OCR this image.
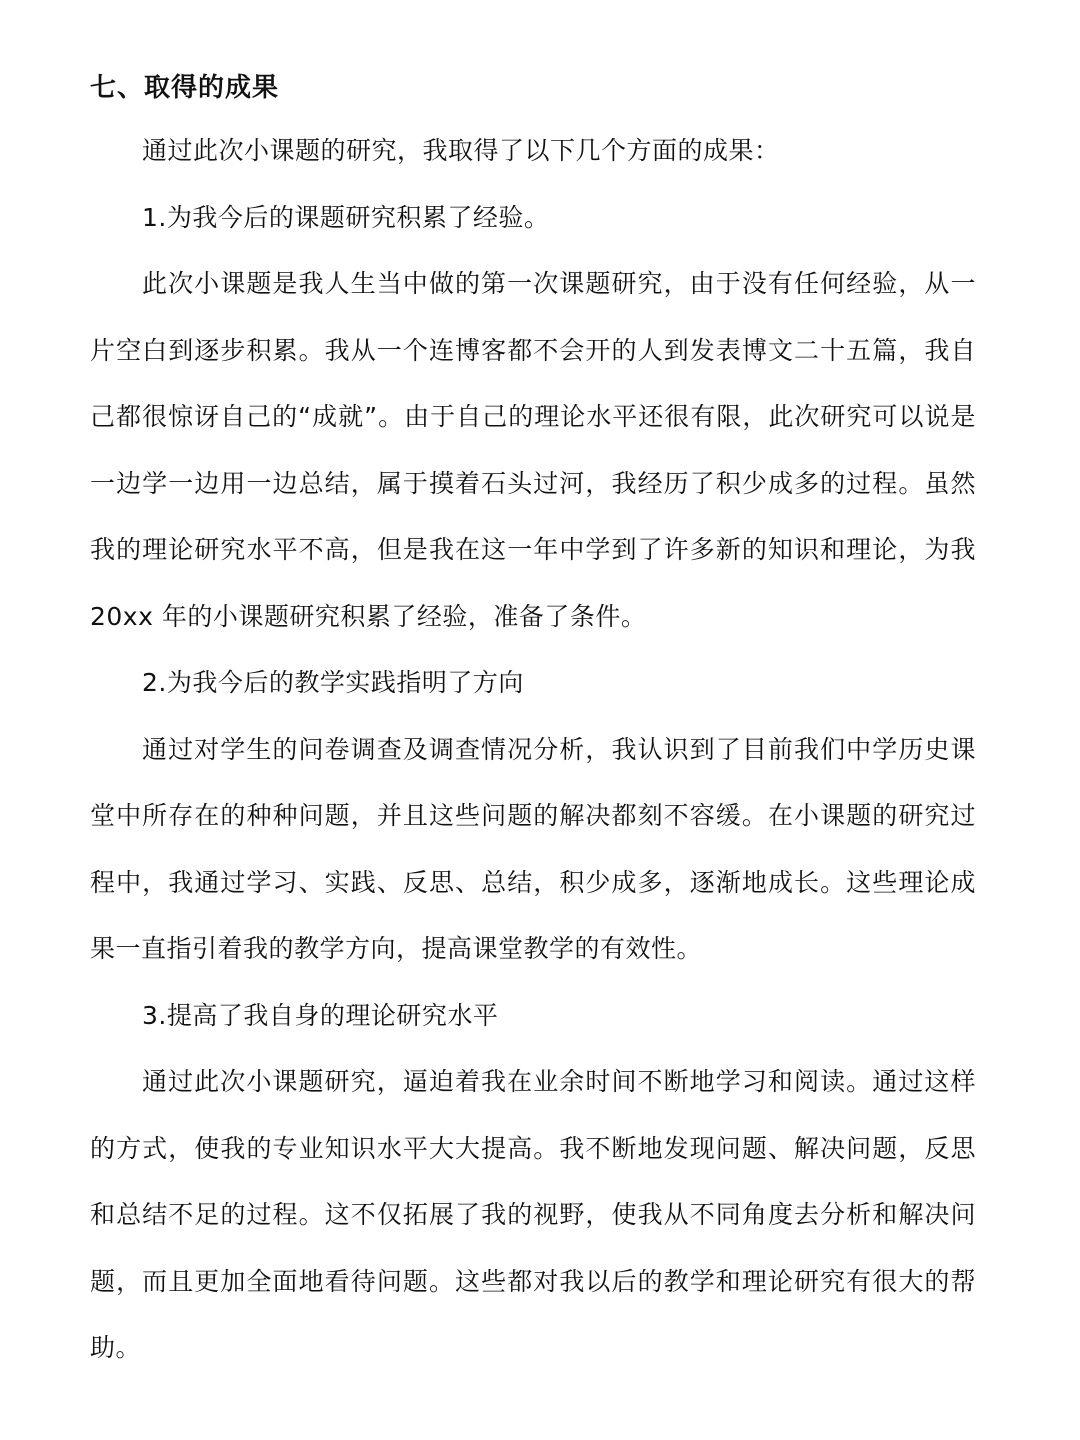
七、取得的成果

通过此次小课题的研究，我取得了以下几个方面的成果：

1.为我今后的课题研究积累了经验。

此次小课题是我人生当中做的第一次课题研究，由于没有任何经验，从一片空白到逐步积累。我从一个连博客都不会开的人到发表博文二十五篇，我自己都很惊讶自己的“成就”。由于自己的理论水平还很有限，此次研究可以说是一边学一边用一边总结，属于摸着石头过河，我经历了积少成多的过程。虽然我的理论研究水平不高，但是我在这一年中学到了许多新的知识和理论，为我 20xx 年的小课题研究积累了经验，准备了条件。

2.为我今后的教学实践指明了方向

通过对学生的问卷调查及调查情况分析，我认识到了目前我们中学历史课堂中所存在的种种问题，并且这些问题的解决都刻不容缓。在小课题的研究过程中，我通过学习、实践、反思、总结，积少成多，逐渐地成长。这些理论成果一直指引着我的教学方向，提高课堂教学的有效性。

3.提高了我自身的理论研究水平

通过此次小课题研究，逼迫着我在业余时间不断地学习和阅读。通过这样的方式，使我的专业知识水平大大提高。我不断地发现问题、解决问题，反思和总结不足的过程。这不仅拓展了我的视野，使我从不同角度去分析和解决问题，而且更加全面地看待问题。这些都对我以后的教学和理论研究有很大的帮助。
